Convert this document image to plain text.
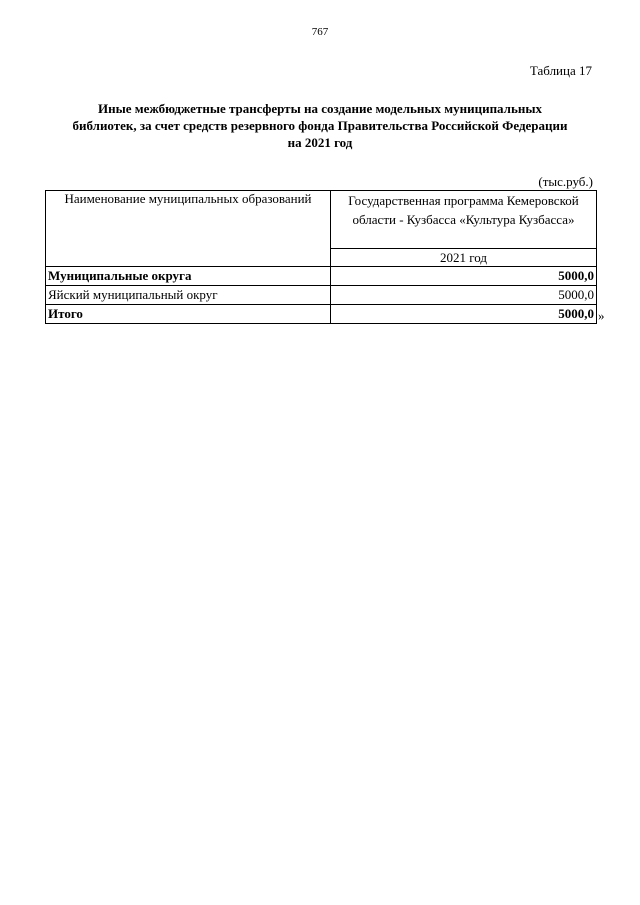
767
Таблица 17
Иные межбюджетные трансферты на создание модельных муниципальных
библиотек, за счет средств резервного фонда Правительства Российской Федерации
на 2021 год
(тыс.руб.)
Наименование муниципальных образований	Государственная программа Кемеровской области - Кузбасса «Культура Кузбасса»
	2021 год
Муниципальные округа	5000,0
Яйский муниципальный округ	5000,0
Итого	5000,0 »
